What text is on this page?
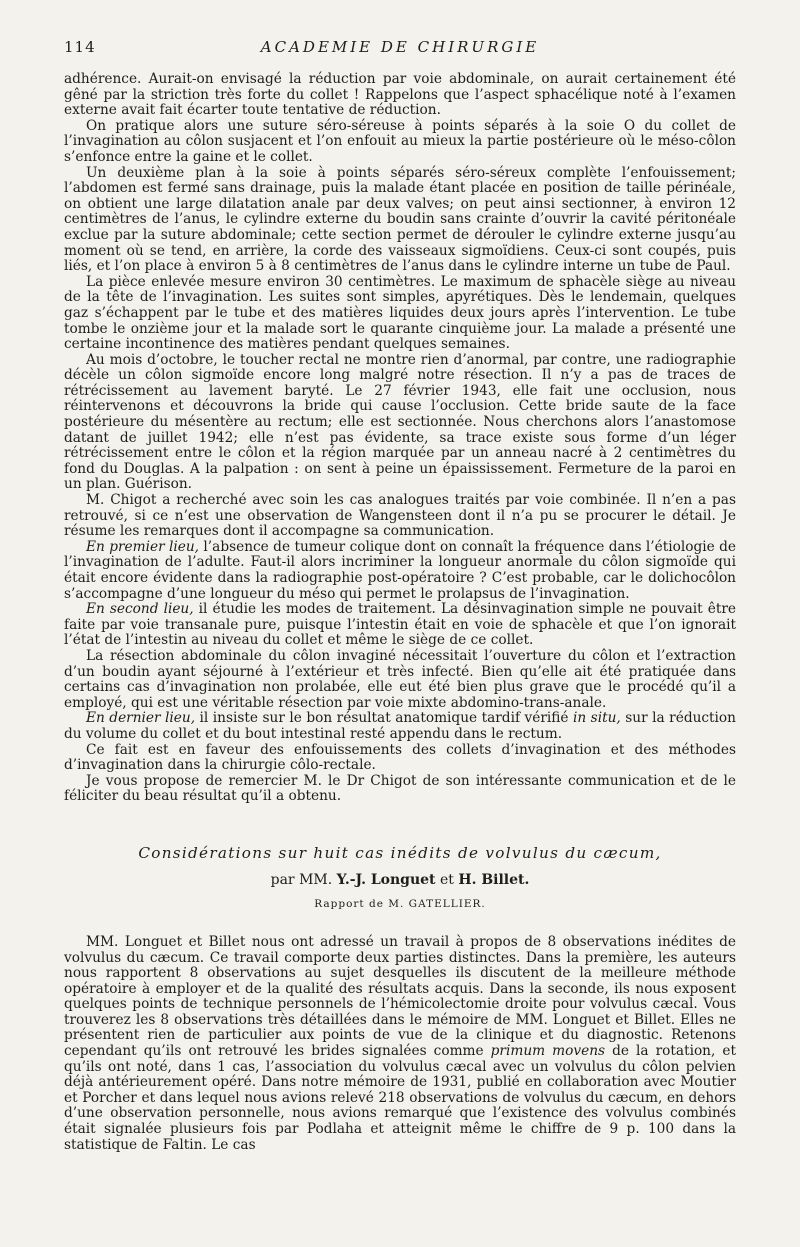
114	ACADEMIE DE CHIRURGIE

adhérence. Aurait-on envisagé la réduction par voie abdominale, on aurait certainement été gêné par la striction très forte du collet ! Rappelons que l’aspect sphacélique noté à l’examen externe avait fait écarter toute tentative de réduction.

On pratique alors une suture séro-séreuse à points séparés à la soie O du collet de l’invagination au côlon susjacent et l’on enfouit au mieux la partie postérieure où le méso-côlon s’enfonce entre la gaine et le collet.

Un deuxième plan à la soie à points séparés séro-séreux complète l’enfouissement; l’abdomen est fermé sans drainage, puis la malade étant placée en position de taille périnéale, on obtient une large dilatation anale par deux valves; on peut ainsi sectionner, à environ 12 centimètres de l’anus, le cylindre externe du boudin sans crainte d’ouvrir la cavité péritonéale exclue par la suture abdominale; cette section permet de dérouler le cylindre externe jusqu’au moment où se tend, en arrière, la corde des vaisseaux sigmoïdiens. Ceux-ci sont coupés, puis liés, et l’on place à environ 5 à 8 centimètres de l’anus dans le cylindre interne un tube de Paul.

La pièce enlevée mesure environ 30 centimètres. Le maximum de sphacèle siège au niveau de la tête de l’invagination. Les suites sont simples, apyrétiques. Dès le lendemain, quelques gaz s’échappent par le tube et des matières liquides deux jours après l’intervention. Le tube tombe le onzième jour et la malade sort le quarante cinquième jour. La malade a présenté une certaine incontinence des matières pendant quelques semaines.

Au mois d’octobre, le toucher rectal ne montre rien d’anormal, par contre, une radiographie décèle un côlon sigmoïde encore long malgré notre résection. Il n’y a pas de traces de rétrécissement au lavement baryté. Le 27 février 1943, elle fait une occlusion, nous réintervenons et découvrons la bride qui cause l’occlusion. Cette bride saute de la face postérieure du mésentère au rectum; elle est sectionnée. Nous cherchons alors l’anastomose datant de juillet 1942; elle n’est pas évidente, sa trace existe sous forme d’un léger rétrécissement entre le côlon et la région marquée par un anneau nacré à 2 centimètres du fond du Douglas. A la palpation : on sent à peine un épaississement. Fermeture de la paroi en un plan. Guérison.

M. Chigot a recherché avec soin les cas analogues traités par voie combinée. Il n’en a pas retrouvé, si ce n’est une observation de Wangensteen dont il n’a pu se procurer le détail. Je résume les remarques dont il accompagne sa communication.

En premier lieu, l’absence de tumeur colique dont on connaît la fréquence dans l’étiologie de l’invagination de l’adulte. Faut-il alors incriminer la longueur anormale du côlon sigmoïde qui était encore évidente dans la radiographie post-opératoire ? C’est probable, car le dolichocôlon s’accompagne d’une longueur du méso qui permet le prolapsus de l’invagination.

En second lieu, il étudie les modes de traitement. La désinvagination simple ne pouvait être faite par voie transanale pure, puisque l’intestin était en voie de sphacèle et que l’on ignorait l’état de l’intestin au niveau du collet et même le siège de ce collet.

La résection abdominale du côlon invaginé nécessitait l’ouverture du côlon et l’extraction d’un boudin ayant séjourné à l’extérieur et très infecté. Bien qu’elle ait été pratiquée dans certains cas d’invagination non prolabée, elle eut été bien plus grave que le procédé qu’il a employé, qui est une véritable résection par voie mixte abdomino-trans-anale.

En dernier lieu, il insiste sur le bon résultat anatomique tardif vérifié in situ, sur la réduction du volume du collet et du bout intestinal resté appendu dans le rectum.

Ce fait est en faveur des enfouissements des collets d’invagination et des méthodes d’invagination dans la chirurgie côlo-rectale.

Je vous propose de remercier M. le Dr Chigot de son intéressante communication et de le féliciter du beau résultat qu’il a obtenu.

Considérations sur huit cas inédits de volvulus du cæcum,
par MM. Y.-J. Longuet et H. Billet.
Rapport de M. GATELLIER.

MM. Longuet et Billet nous ont adressé un travail à propos de 8 observations inédites de volvulus du cæcum. Ce travail comporte deux parties distinctes. Dans la première, les auteurs nous rapportent 8 observations au sujet desquelles ils discutent de la meilleure méthode opératoire à employer et de la qualité des résultats acquis. Dans la seconde, ils nous exposent quelques points de technique personnels de l’hémicolectomie droite pour volvulus cæcal. Vous trouverez les 8 observations très détaillées dans le mémoire de MM. Longuet et Billet. Elles ne présentent rien de particulier aux points de vue de la clinique et du diagnostic. Retenons cependant qu’ils ont retrouvé les brides signalées comme primum movens de la rotation, et qu’ils ont noté, dans 1 cas, l’association du volvulus cæcal avec un volvulus du côlon pelvien déjà antérieurement opéré. Dans notre mémoire de 1931, publié en collaboration avec Moutier et Porcher et dans lequel nous avions relevé 218 observations de volvulus du cæcum, en dehors d’une observation personnelle, nous avions remarqué que l’existence des volvulus combinés était signalée plusieurs fois par Podlaha et atteignit même le chiffre de 9 p. 100 dans la statistique de Faltin. Le cas
